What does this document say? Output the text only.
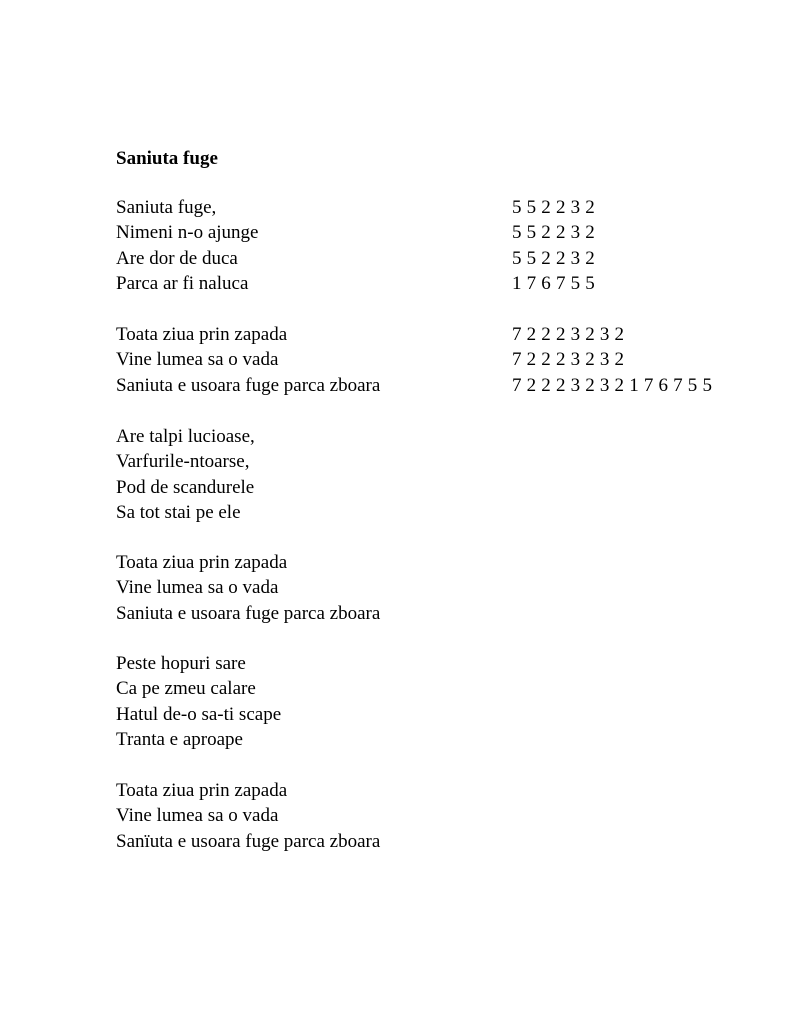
Saniuta fuge
Saniuta fuge,	5 5 2 2 3 2
Nimeni n-o ajunge	5 5 2 2 3 2
Are dor de duca	5 5 2 2 3 2
Parca ar fi naluca	1 7 6 7 5 5
Toata ziua prin zapada	7 2 2 2 3 2 3 2
Vine lumea sa o vada	7 2 2 2 3 2 3 2
Saniuta e usoara fuge parca zboara	7 2 2 2 3 2 3 2 1 7 6 7 5 5
Are talpi lucioase,
Varfurile-ntoarse,
Pod de scandurele
Sa tot stai pe ele
Toata ziua prin zapada
Vine lumea sa o vada
Saniuta e usoara fuge parca zboara
Peste hopuri sare
Ca pe zmeu calare
Hatul de-o sa-ti scape
Tranta e aproape
Toata ziua prin zapada
Vine lumea sa o vada
Sanïuta e usoara fuge parca zboara
